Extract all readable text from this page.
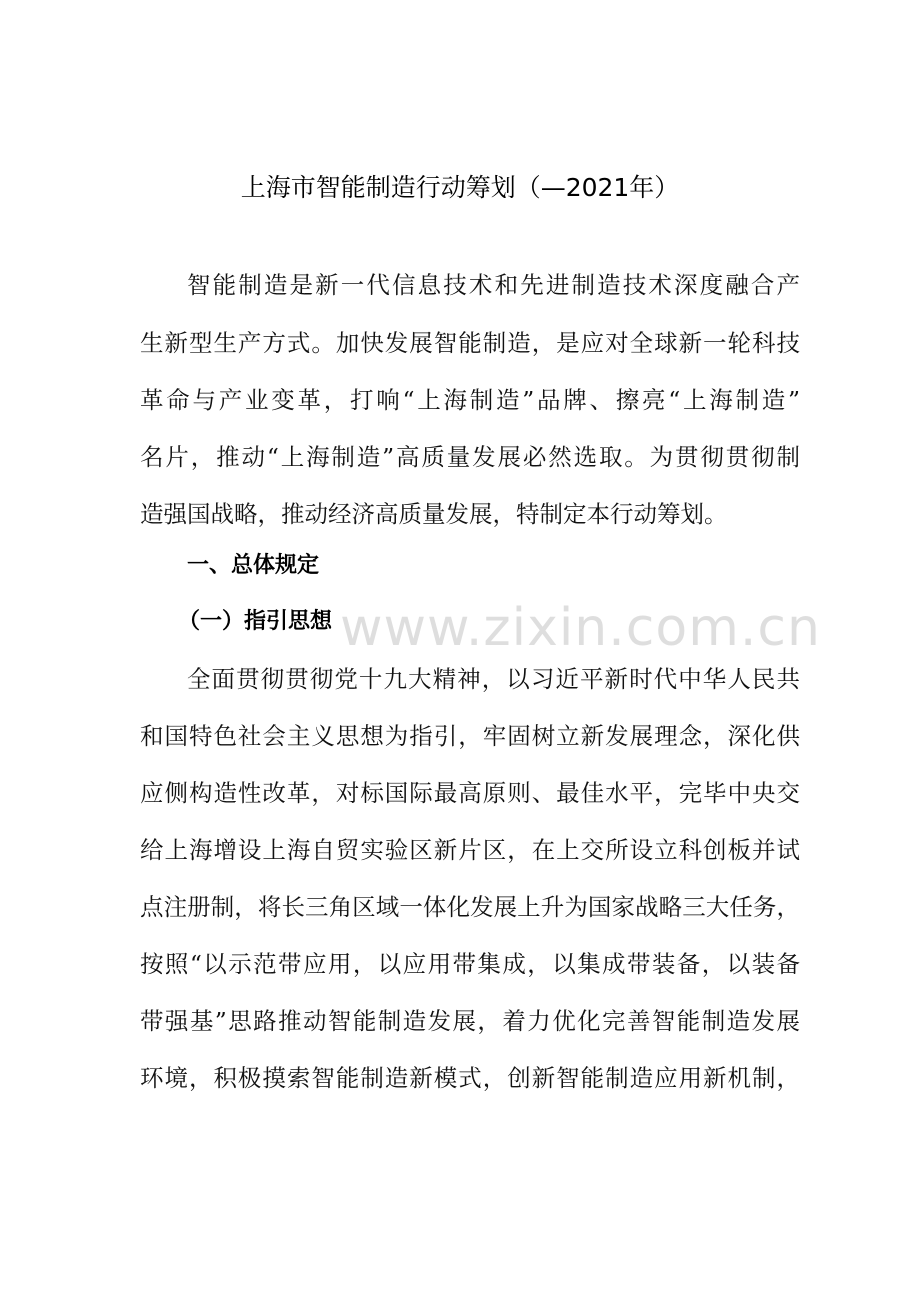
上海市智能制造行动筹划（—2021年）
智能制造是新一代信息技术和先进制造技术深度融合产
生新型生产方式。加快发展智能制造，是应对全球新一轮科技
革命与产业变革，打响“上海制造”品牌、擦亮“上海制造”
名片，推动“上海制造”高质量发展必然选取。为贯彻贯彻制
造强国战略，推动经济高质量发展，特制定本行动筹划。
一、总体规定
（一）指引思想
全面贯彻贯彻党十九大精神，以习近平新时代中华人民共
和国特色社会主义思想为指引，牢固树立新发展理念，深化供
应侧构造性改革，对标国际最高原则、最佳水平，完毕中央交
给上海增设上海自贸实验区新片区，在上交所设立科创板并试
点注册制，将长三角区域一体化发展上升为国家战略三大任务，
按照“以示范带应用，以应用带集成，以集成带装备，以装备
带强基”思路推动智能制造发展，着力优化完善智能制造发展
环境，积极摸索智能制造新模式，创新智能制造应用新机制，
www.zixin.com.cn
